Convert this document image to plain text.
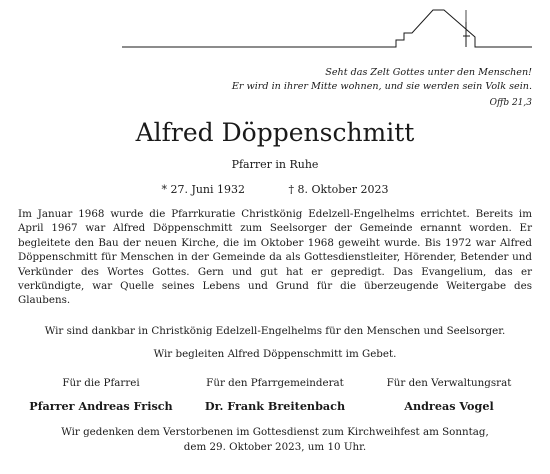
Seht das Zelt Gottes unter den Menschen!
Er wird in ihrer Mitte wohnen, und sie werden sein Volk sein.
Offb 21,3
Alfred Döppenschmitt
Pfarrer in Ruhe
* 27. Juni 1932	† 8. Oktober 2023
Im Januar 1968 wurde die Pfarrkuratie Christkönig Edelzell-Engelhelms errichtet. Bereits im April 1967 war Alfred Döppenschmitt zum Seelsorger der Gemeinde ernannt worden. Er begleitete den Bau der neuen Kirche, die im Oktober 1968 geweiht wurde. Bis 1972 war Alfred Döppenschmitt für Menschen in der Gemeinde da als Gottesdienstleiter, Hörender, Betender und Verkünder des Wortes Gottes. Gern und gut hat er gepredigt. Das Evangelium, das er verkündigte, war Quelle seines Lebens und Grund für die überzeugende Weitergabe des Glaubens.
Wir sind dankbar in Christkönig Edelzell-Engelhelms für den Menschen und Seelsorger.
Wir begleiten Alfred Döppenschmitt im Gebet.
Für die Pfarrei
Pfarrer Andreas Frisch
Für den Pfarrgemeinderat
Dr. Frank Breitenbach
Für den Verwaltungsrat
Andreas Vogel
Wir gedenken dem Verstorbenen im Gottesdienst zum Kirchweihfest am Sonntag,
dem 29. Oktober 2023, um 10 Uhr.
